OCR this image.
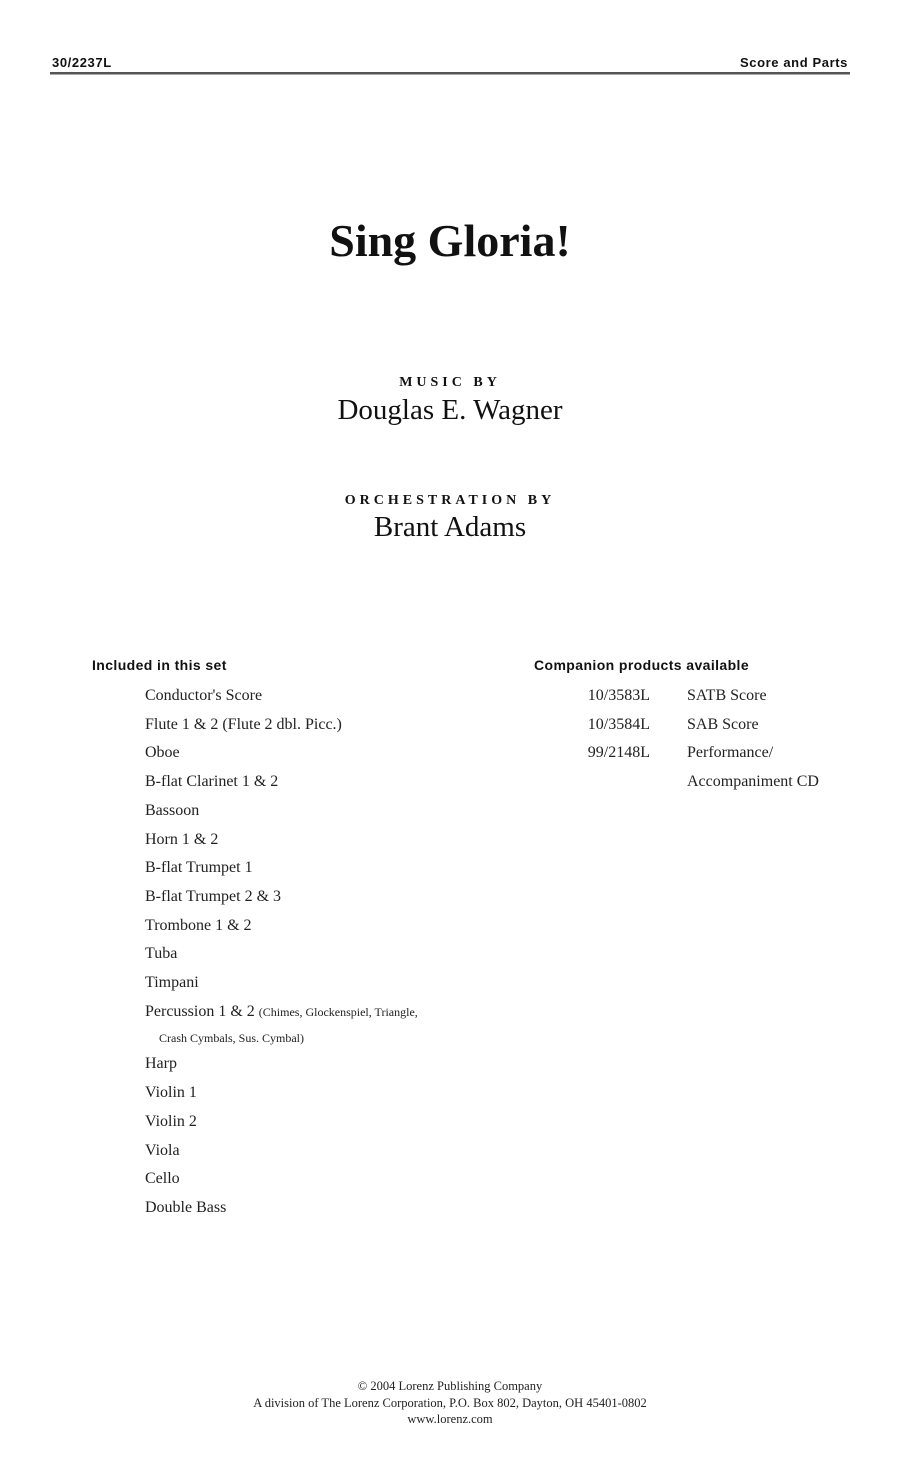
30/2237L	Score and Parts
Sing Gloria!
MUSIC BY
Douglas E. Wagner
ORCHESTRATION BY
Brant Adams
Included in this set
Conductor's Score
Flute 1 & 2 (Flute 2 dbl. Picc.)
Oboe
B-flat Clarinet 1 & 2
Bassoon
Horn 1 & 2
B-flat Trumpet 1
B-flat Trumpet 2 & 3
Trombone 1 & 2
Tuba
Timpani
Percussion 1 & 2 (Chimes, Glockenspiel, Triangle,
Crash Cymbals, Sus. Cymbal)
Harp
Violin 1
Violin 2
Viola
Cello
Double Bass
Companion products available
10/3583L	SATB Score
10/3584L	SAB Score
99/2148L	Performance/
	Accompaniment CD
© 2004 Lorenz Publishing Company
A division of The Lorenz Corporation, P.O. Box 802, Dayton, OH 45401-0802
www.lorenz.com
